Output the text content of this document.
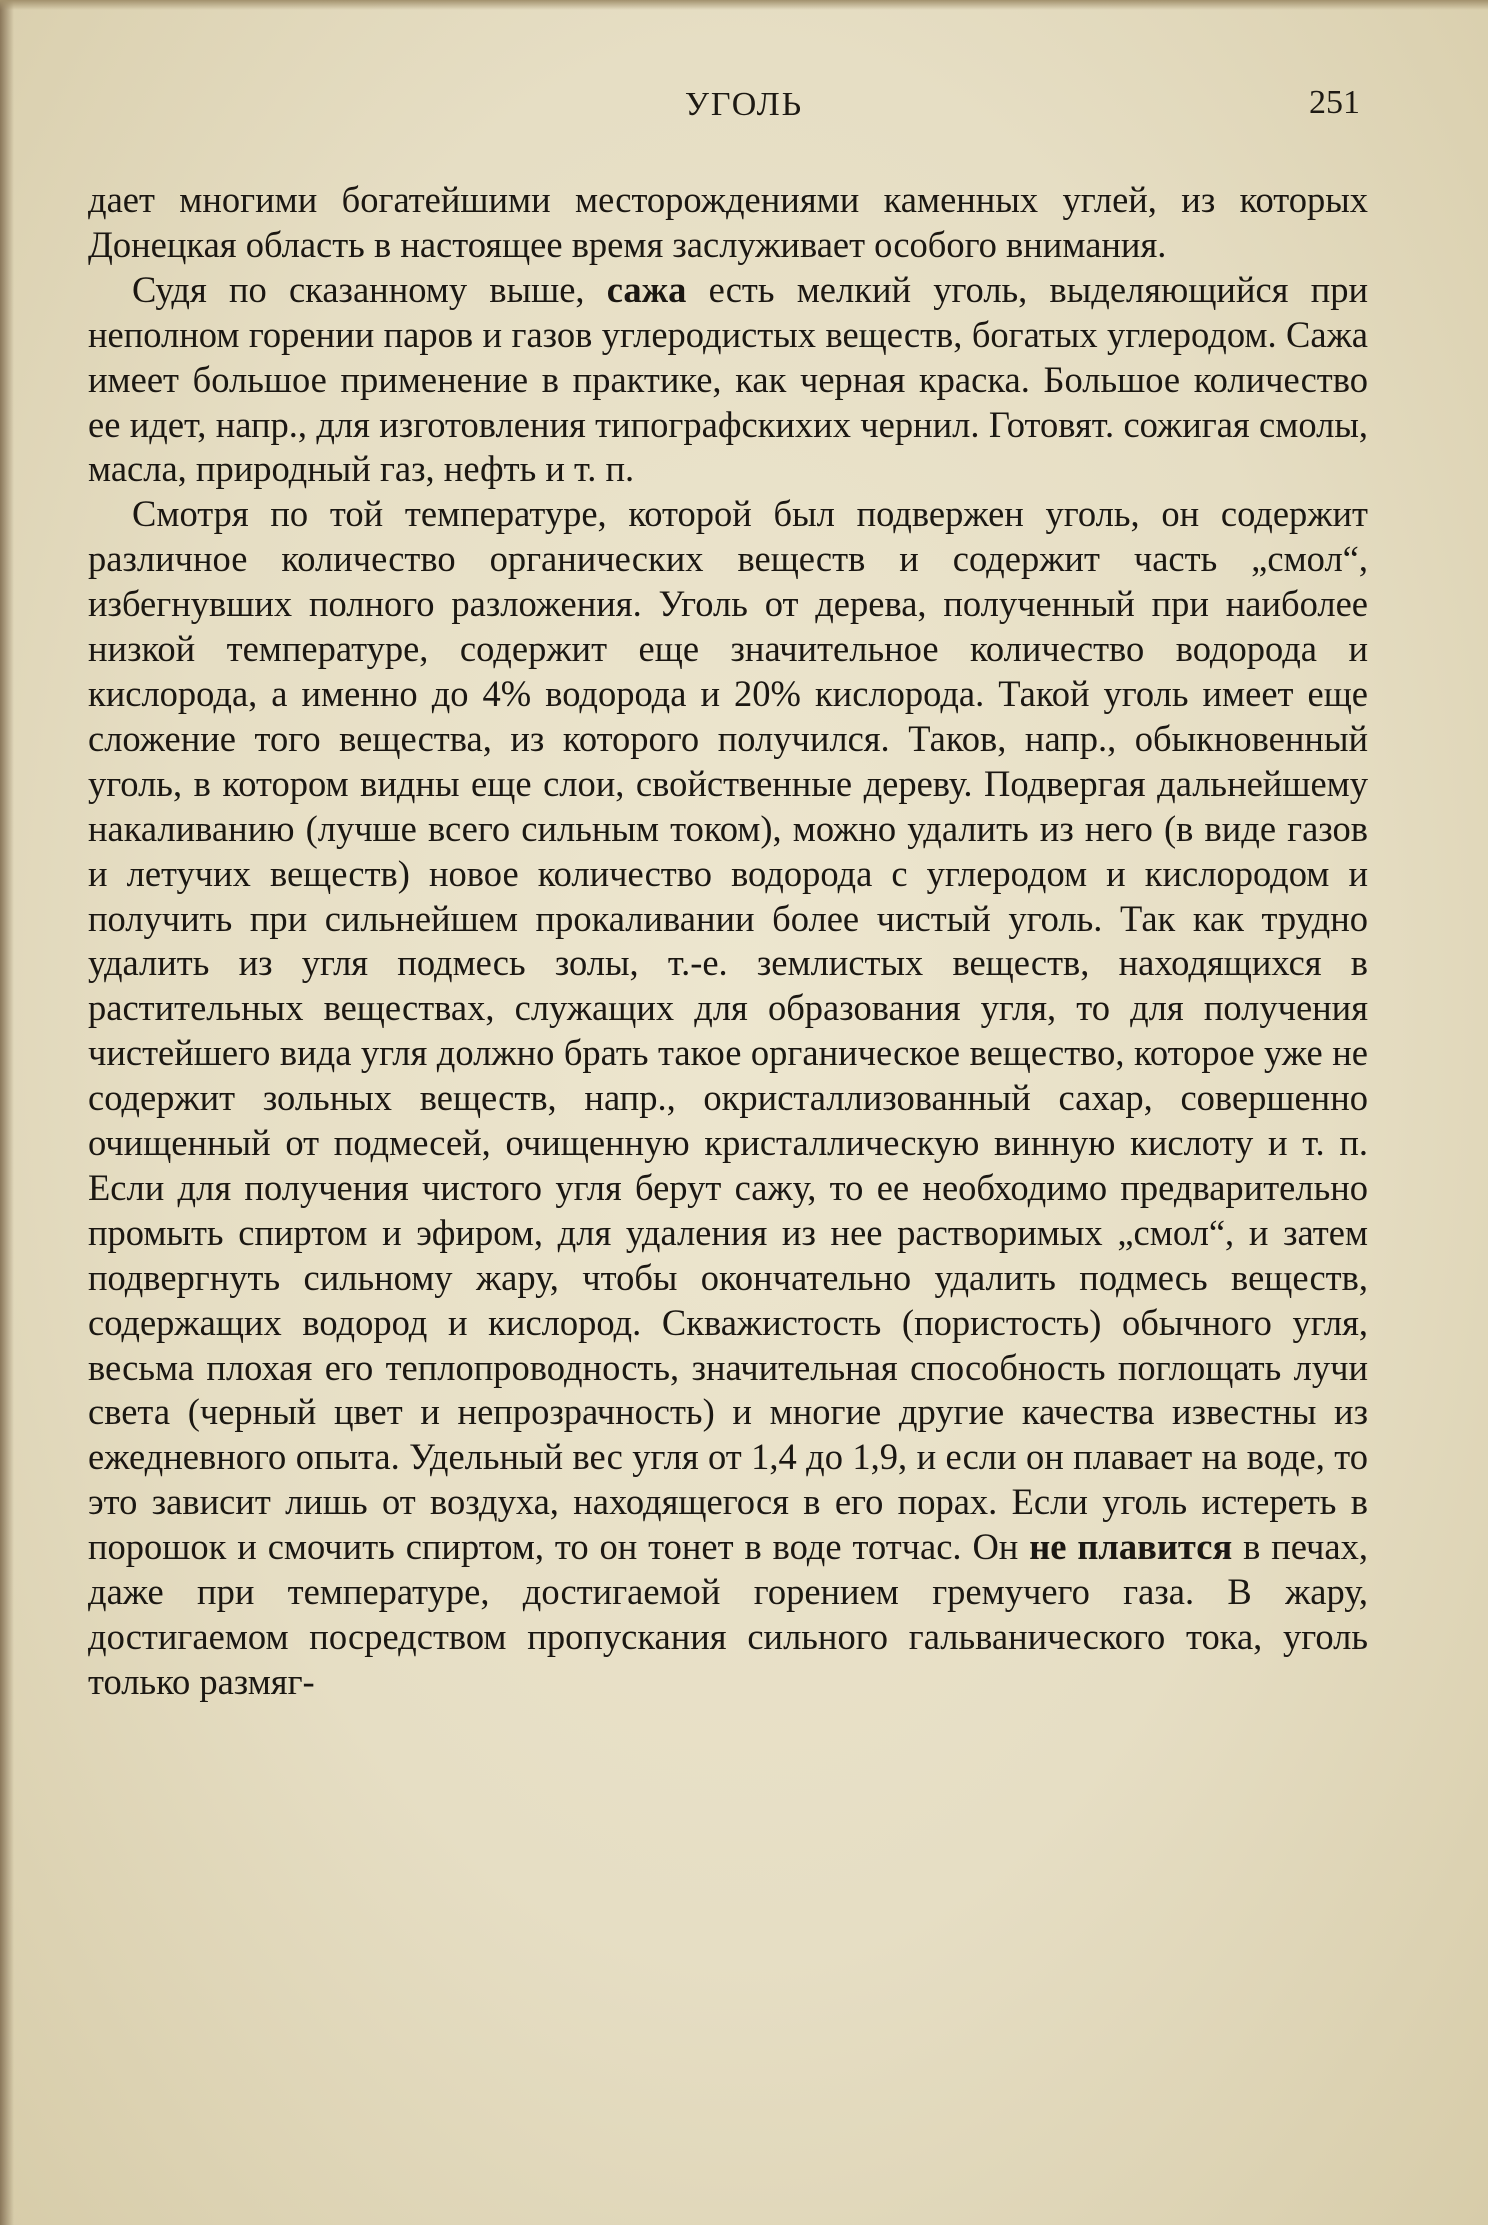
УГОЛЬ	251

дает многими богатейшими месторождениями каменных углей, из которых Донецкая область в настоящее время заслуживает особого внимания.

Судя по сказанному выше, сажа есть мелкий уголь, выделяющийся при неполном горении паров и газов углеродистых веществ, богатых углеродом. Сажа имеет большое применение в практике, как черная краска. Большое количество ее идет, напр., для изготовления типографскихих чернил. Готовят. сожигая смолы, масла, природный газ, нефть и т. п.

Смотря по той температуре, которой был подвержен уголь, он содержит различное количество органических веществ и содержит часть „смол“, избегнувших полного разложения. Уголь от дерева, полученный при наиболее низкой температуре, содержит еще значительное количество водорода и кислорода, а именно до 4% водорода и 20% кислорода. Такой уголь имеет еще сложение того вещества, из которого получился. Таков, напр., обыкновенный уголь, в котором видны еще слои, свойственные дереву. Подвергая дальнейшему накаливанию (лучше всего сильным током), можно удалить из него (в виде газов и летучих веществ) новое количество водорода с углеродом и кислородом и получить при сильнейшем прокаливании более чистый уголь. Так как трудно удалить из угля подмесь золы, т.-е. землистых веществ, находящихся в растительных веществах, служащих для образования угля, то для получения чистейшего вида угля должно брать такое органическое вещество, которое уже не содержит зольных веществ, напр., окристаллизованный сахар, совершенно очищенный от подмесей, очищенную кристаллическую винную кислоту и т. п. Если для получения чистого угля берут сажу, то ее необходимо предварительно промыть спиртом и эфиром, для удаления из нее растворимых „смол“, и затем подвергнуть сильному жару, чтобы окончательно удалить подмесь веществ, содержащих водород и кислород. Скважистость (пористость) обычного угля, весьма плохая его теплопроводность, значительная способность поглощать лучи света (черный цвет и непрозрачность) и многие другие качества известны из ежедневного опыта. Удельный вес угля от 1,4 до 1,9, и если он плавает на воде, то это зависит лишь от воздуха, находящегося в его порах. Если уголь истереть в порошок и смочить спиртом, то он тонет в воде тотчас. Он не плавится в печах, даже при температуре, достигаемой горением гремучего газа. В жару, достигаемом посредством пропускания сильного гальванического тока, уголь только размяг-
